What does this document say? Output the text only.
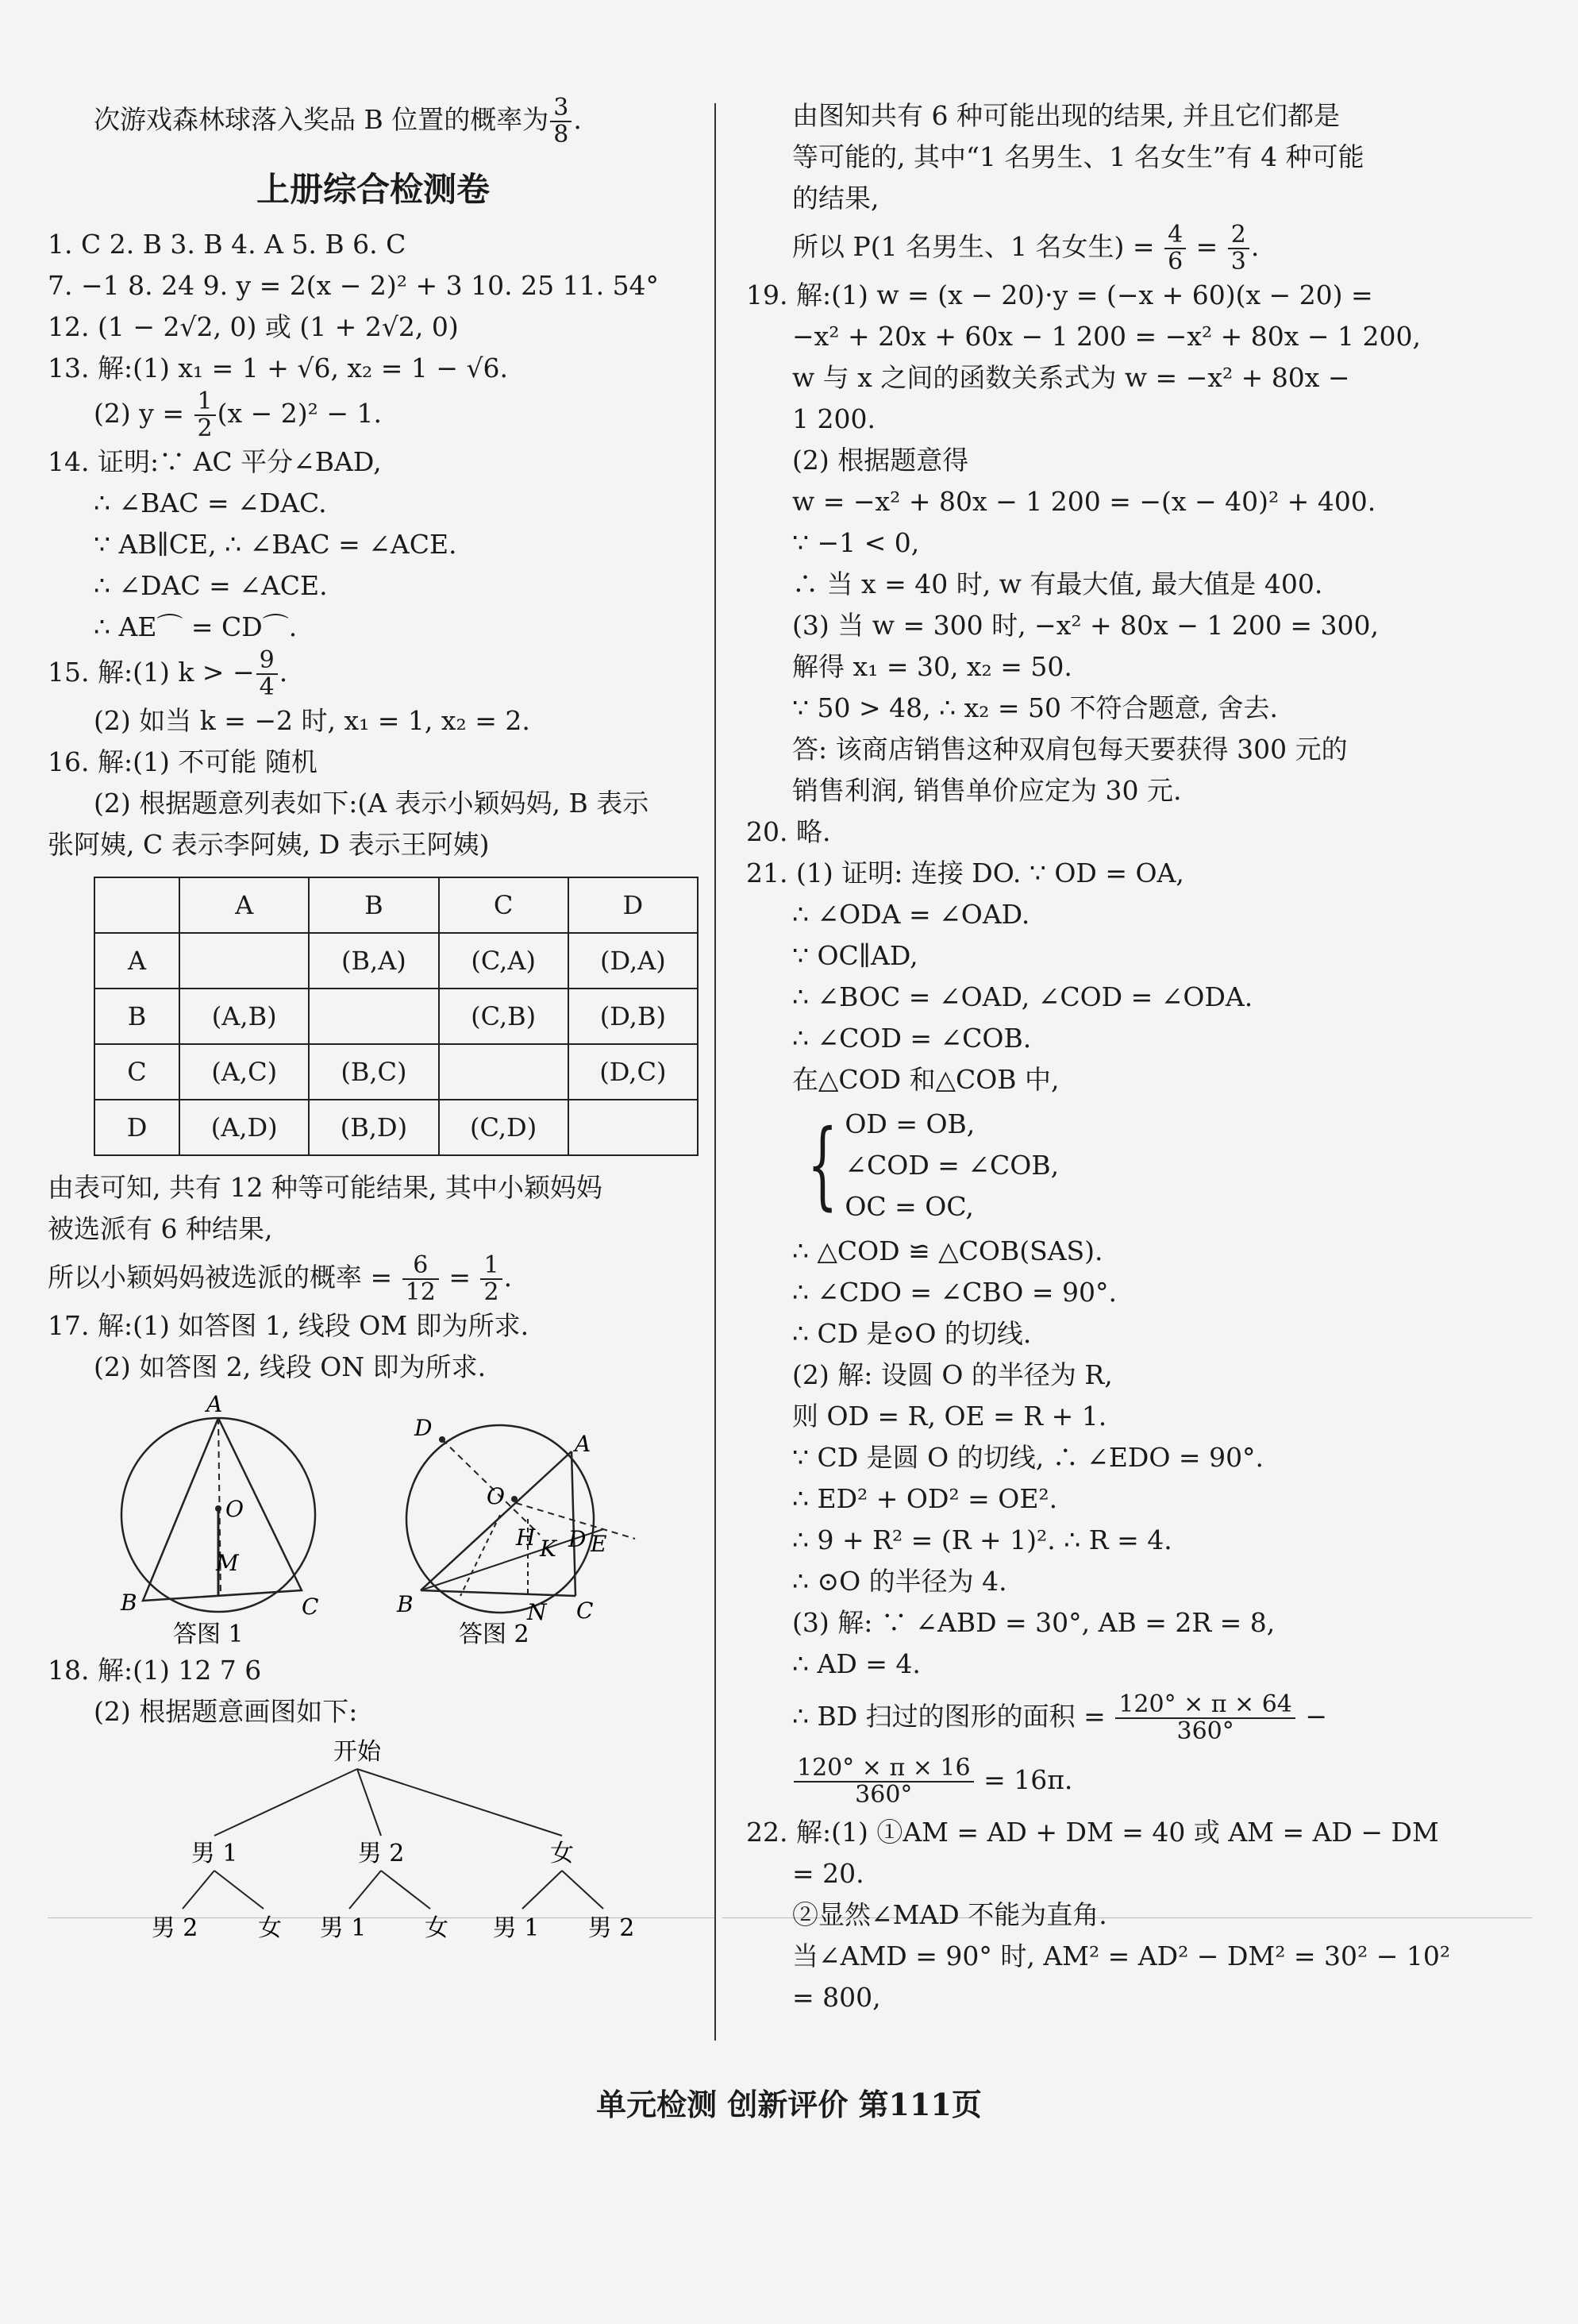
次游戏森林球落入奖品 B 位置的概率为 $\frac{3}{8}$ .
上册综合检测卷
1. C 2. B 3. B 4. A 5. B 6. C
7. −1 8. 24 9. y = 2(x − 2)² + 3 10. 25 11. 54°
12. (1 − 2√2, 0) 或 (1 + 2√2, 0)
13. 解:(1) x₁ = 1 + √6, x₂ = 1 − √6.
(2) $y = \frac{1}{2} (x - 2)^2 - 1$.
14. 证明:∵ AC 平分∠BAD,
∴ ∠BAC = ∠DAC.
∵ AB∥CE, ∴ ∠BAC = ∠ACE.
∴ ∠DAC = ∠ACE.
∴ AE⌒ = CD⌒.
15. 解:(1) k > − $\frac{9}{4}$ .
(2) 如当 k = −2 时, x₁ = 1, x₂ = 2.
16. 解:(1) 不可能 随机
(2) 根据题意列表如下:(A 表示小颖妈妈, B 表示
张阿姨, C 表示李阿姨, D 表示王阿姨)
	A	B	C	D
A		(B,A)	(C,A)	(D,A)
B	(A,B)		(C,B)	(D,B)
C	(A,C)	(B,C)		(D,C)
D	(A,D)	(B,D)	(C,D)	
由表可知, 共有 12 种等可能结果, 其中小颖妈妈
被选派有 6 种结果,
所以小颖妈妈被选派的概率 = $\frac{6}{12} = \frac{1}{2}$ .
17. 解:(1) 如答图 1, 线段 OM 即为所求.
(2) 如答图 2, 线段 ON 即为所求.
A
O
M
B	C
答图 1
D
A
O
H K D E
B	N C
答图 2
18. 解:(1) 12 7 6
(2) 根据题意画图如下:
开始
男 1	男 2	女
男 2	女 男 1 女 男 1 男 2
由图知共有 6 种可能出现的结果, 并且它们都是
等可能的, 其中“1 名男生、1 名女生”有 4 种可能
的结果,
所以 P(1 名男生、1 名女生) = $\frac{4}{6} = \frac{2}{3}$ .
19. 解:(1) w = (x − 20)·y = (−x + 60)(x − 20) =
−x² + 20x + 60x − 1 200 = −x² + 80x − 1 200,
w 与 x 之间的函数关系式为 w = −x² + 80x −
1 200.
(2) 根据题意得
w = −x² + 80x − 1 200 = −(x − 40)² + 400.
∵ −1 < 0,
∴ 当 x = 40 时, w 有最大值, 最大值是 400.
(3) 当 w = 300 时, −x² + 80x − 1 200 = 300,
解得 x₁ = 30, x₂ = 50.
∵ 50 > 48, ∴ x₂ = 50 不符合题意, 舍去.
答: 该商店销售这种双肩包每天要获得 300 元的
销售利润, 销售单价应定为 30 元.
20. 略.
21. (1) 证明: 连接 DO. ∵ OD = OA,
∴ ∠ODA = ∠OAD.
∵ OC∥AD,
∴ ∠BOC = ∠OAD, ∠COD = ∠ODA.
∴ ∠COD = ∠COB.
在△COD 和△COB 中,
{ OD = OB,
∠COD = ∠COB,
OC = OC,
∴ △COD ≌ △COB(SAS).
∴ ∠CDO = ∠CBO = 90°.
∴ CD 是⊙O 的切线.
(2) 解: 设圆 O 的半径为 R,
则 OD = R, OE = R + 1.
∵ CD 是圆 O 的切线, ∴ ∠EDO = 90°.
∴ ED² + OD² = OE².
∴ 9 + R² = (R + 1)². ∴ R = 4.
∴ ⊙O 的半径为 4.
(3) 解: ∵ ∠ABD = 30°, AB = 2R = 8,
∴ AD = 4.
∴ BD 扫过的图形的面积 = $\frac{120^\circ \times \pi \times 64}{360^\circ}$ −
$\frac{120^\circ \times \pi \times 16}{360^\circ} = 16\pi$.
22. 解:(1) ①AM = AD + DM = 40 或 AM = AD − DM
= 20.
②显然∠MAD 不能为直角.
当∠AMD = 90° 时, AM² = AD² − DM² = 30² − 10²
= 800,
单元检测 创新评价 第111页
